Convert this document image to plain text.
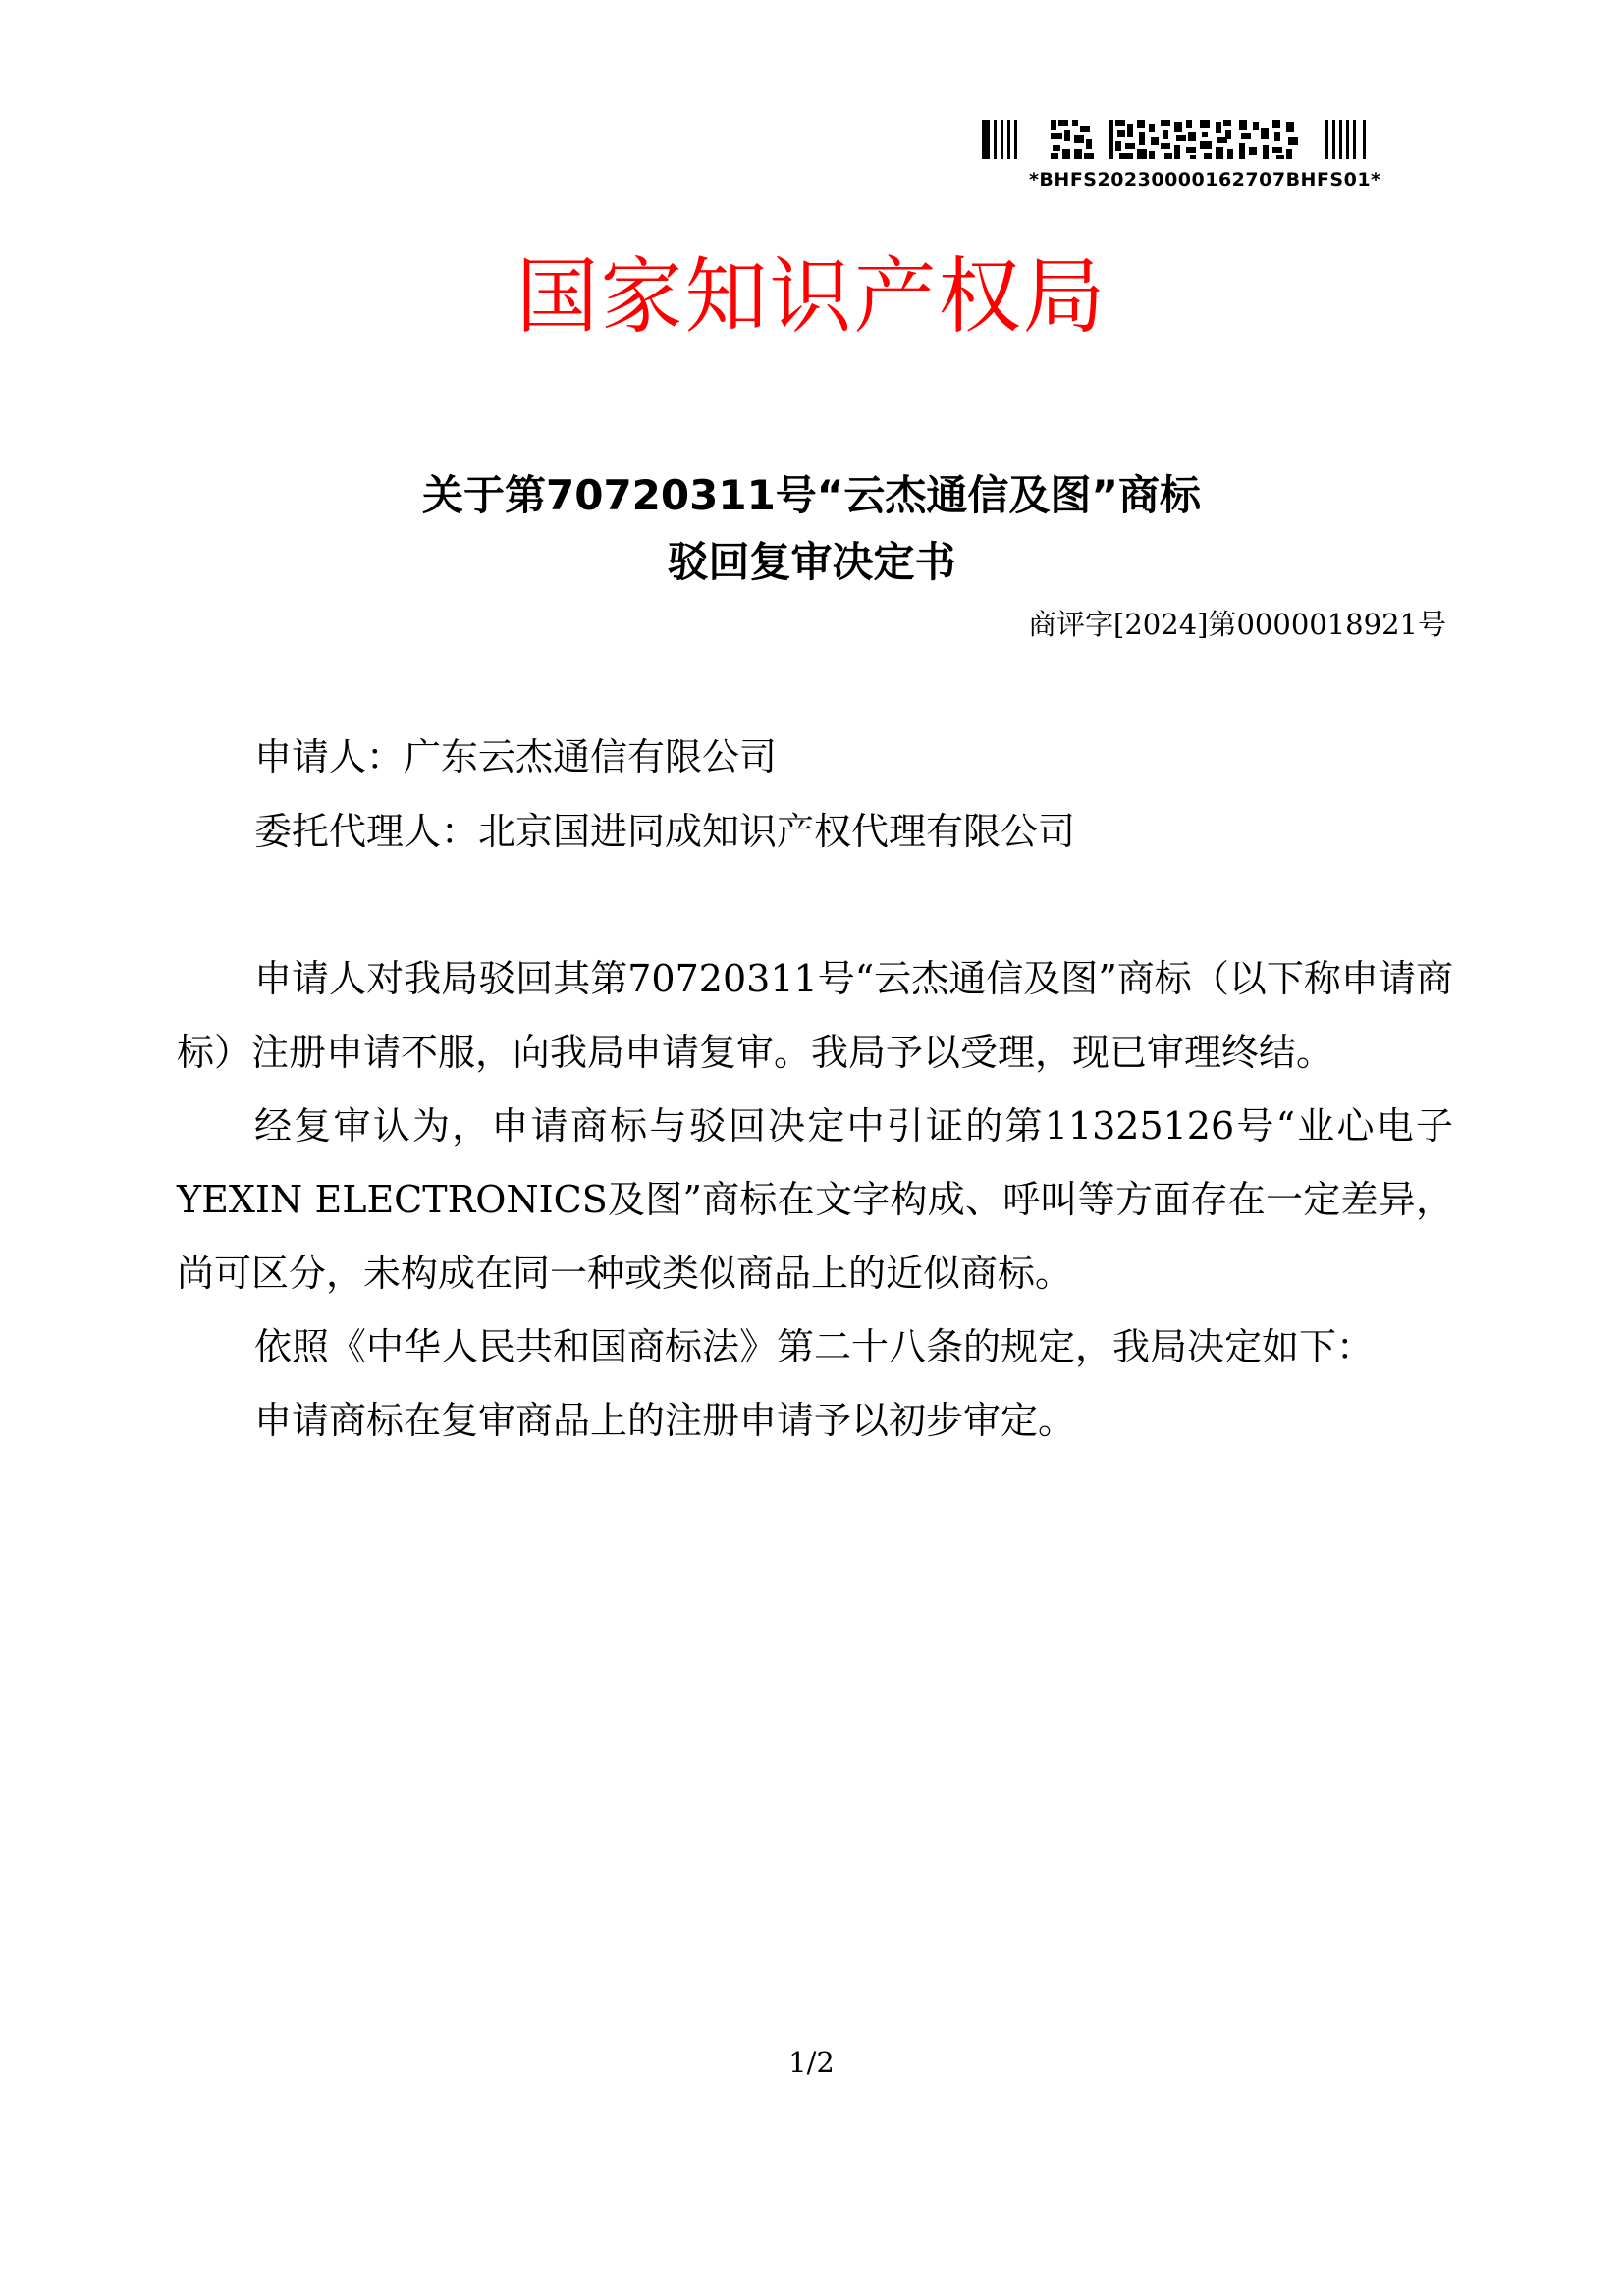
*BHFS20230000162707BHFS01*
国家知识产权局
关于第70720311号“云杰通信及图”商标
驳回复审决定书
商评字[2024]第0000018921号
申请人：广东云杰通信有限公司
委托代理人：北京国进同成知识产权代理有限公司
申请人对我局驳回其第70720311号“云杰通信及图”商标（以下称申请商标）注册申请不服，向我局申请复审。我局予以受理，现已审理终结。
经复审认为，申请商标与驳回决定中引证的第11325126号“业心电子YEXIN ELECTRONICS及图”商标在文字构成、呼叫等方面存在一定差异，尚可区分，未构成在同一种或类似商品上的近似商标。
依照《中华人民共和国商标法》第二十八条的规定，我局决定如下：
申请商标在复审商品上的注册申请予以初步审定。
1/2
